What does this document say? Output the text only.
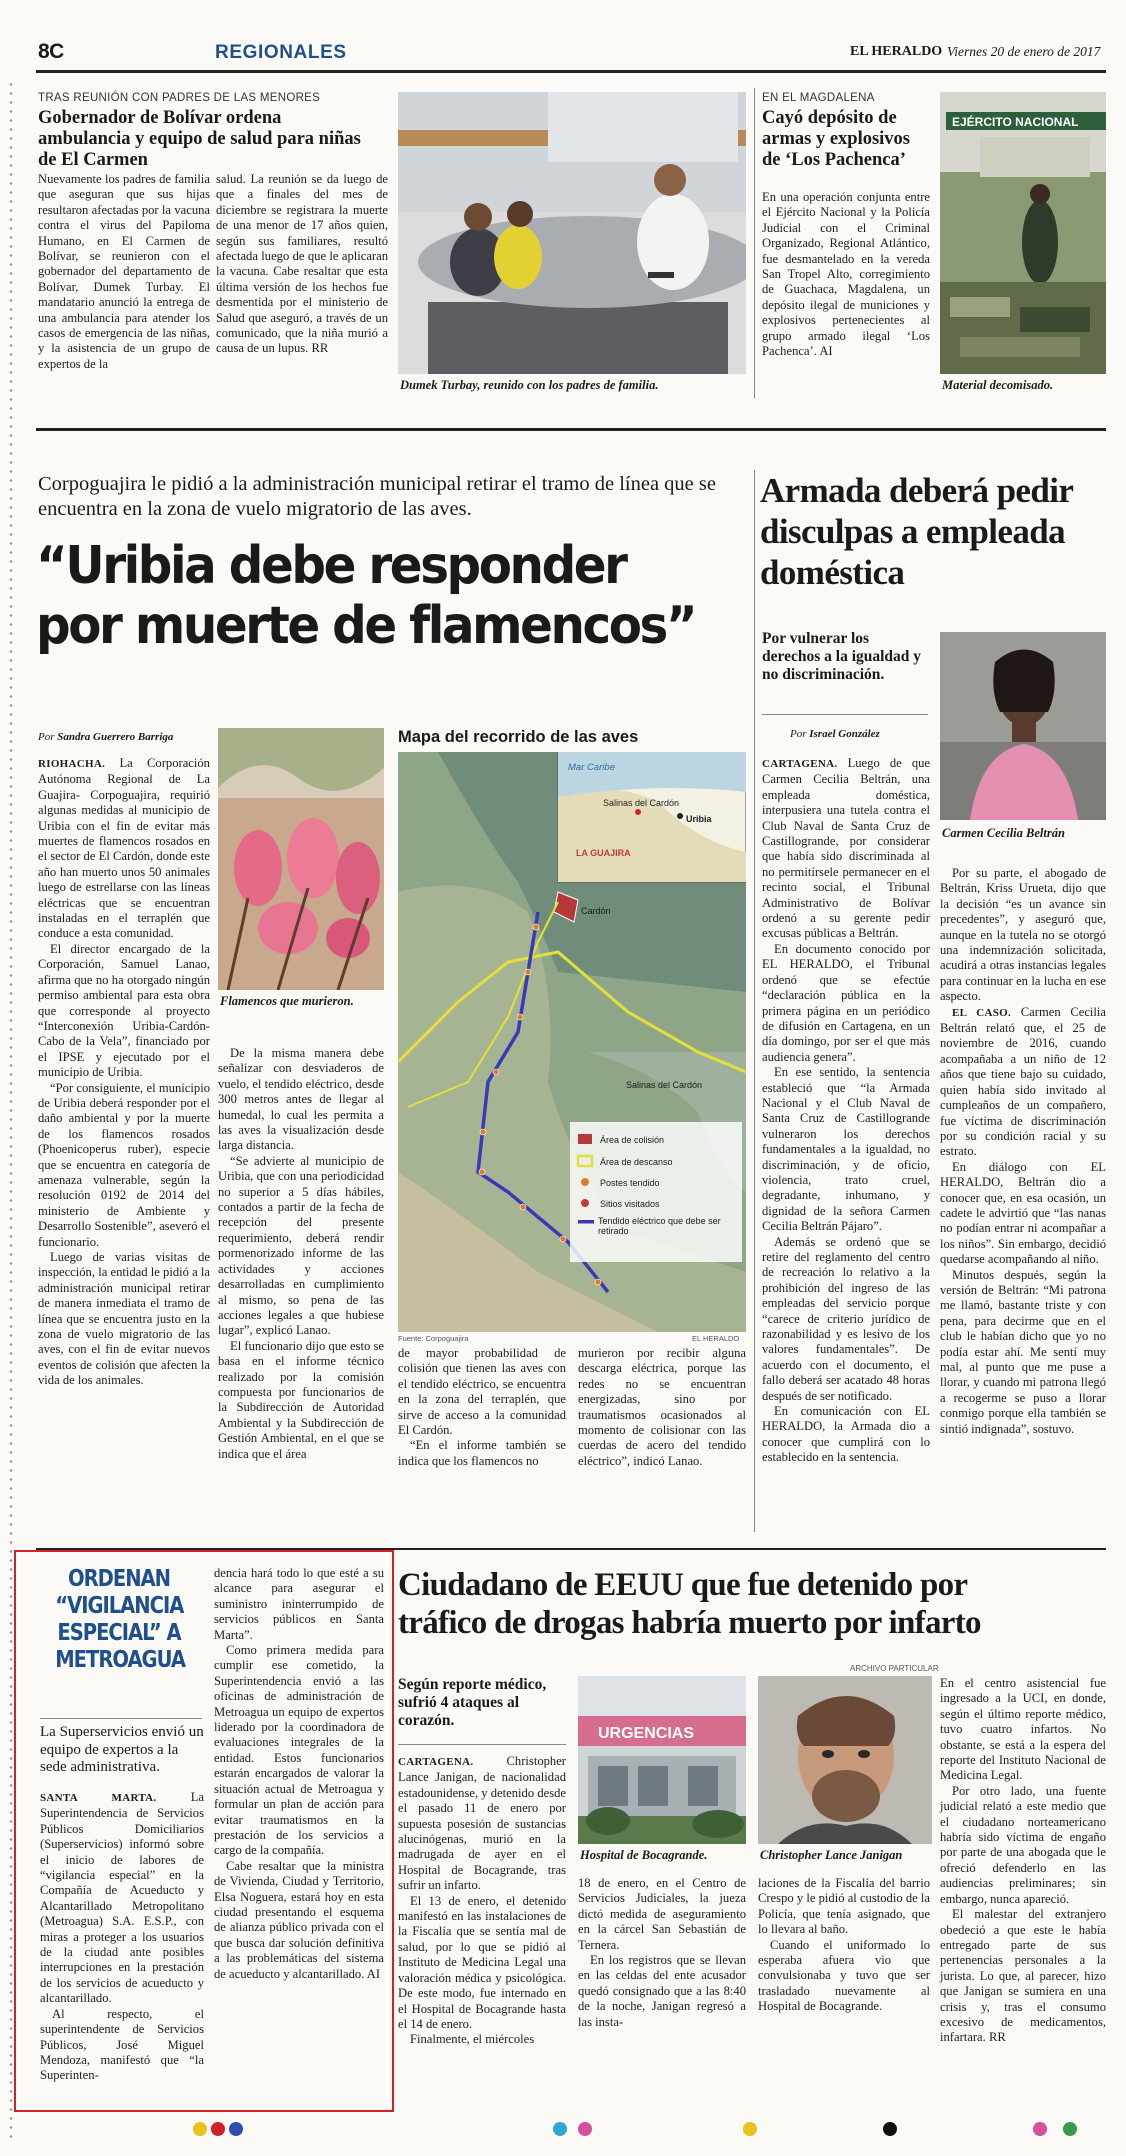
8C	REGIONALES	EL HERALDO Viernes 20 de enero de 2017
TRAS REUNIÓN CON PADRES DE LAS MENORES
Gobernador de Bolívar ordena ambulancia y equipo de salud para niñas de El Carmen

Nuevamente los padres de familia que aseguran que sus hijas resultaron afectadas por la vacuna contra el virus del Papiloma Humano, en El Carmen de Bolívar, se reunieron con el gobernador del departamento de Bolívar, Dumek Turbay. El mandatario anunció la entrega de una ambulancia para atender los casos de emergencia de las niñas, y la asistencia de un grupo de expertos de la

salud. La reunión se da luego de que a finales del mes de diciembre se registrara la muerte de una menor de 17 años quien, según sus familiares, resultó afectada luego de que le aplicaran la vacuna. Cabe resaltar que esta última versión de los hechos fue desmentida por el ministerio de Salud que aseguró, a través de un comunicado, que la niña murió a causa de un lupus. RR

Dumek Turbay, reunido con los padres de familia.
EN EL MAGDALENA
Cayó depósito de armas y explosivos de ‘Los Pachenca’

En una operación conjunta entre el Ejército Nacional y la Policía Judicial con el Criminal Organizado, Regional Atlántico, fue desmantelado en la vereda San Tropel Alto, corregimiento de Guachaca, Magdalena, un depósito ilegal de municiones y explosivos pertenecientes al grupo armado ilegal ‘Los Pachenca’. AI

EJÉRCITO NACIONAL
Material decomisado.
Corpoguajira le pidió a la administración municipal retirar el tramo de línea que se encuentra en la zona de vuelo migratorio de las aves.
“Uribia debe responder
por muerte de flamencos”
Por Sandra Guerrero Barriga

RIOHACHA. La Corporación Autónoma Regional de La Guajira- Corpoguajira, requirió algunas medidas al municipio de Uribia con el fin de evitar más muertes de flamencos rosados en el sector de El Cardón, donde este año han muerto unos 50 animales luego de estrellarse con las líneas eléctricas que se encuentran instaladas en el terraplén que conduce a esta comunidad.

El director encargado de la Corporación, Samuel Lanao, afirma que no ha otorgado ningún permiso ambiental para esta obra que corresponde al proyecto “Interconexión Uribia-Cardón-Cabo de la Vela”, financiado por el IPSE y ejecutado por el municipio de Uribia.

“Por consiguiente, el municipio de Uribia deberá responder por el daño ambiental y por la muerte de los flamencos rosados (Phoenicoperus ruber), especie que se encuentra en categoría de amenaza vulnerable, según la resolución 0192 de 2014 del ministerio de Ambiente y Desarrollo Sostenible”, aseveró el funcionario.

Luego de varias visitas de inspección, la entidad le pidió a la administración municipal retirar de manera inmediata el tramo de línea que se encuentra justo en la zona de vuelo migratorio de las aves, con el fin de evitar nuevos eventos de colisión que afecten la vida de los animales.

Flamencos que murieron.

De la misma manera debe señalizar con desviaderos de vuelo, el tendido eléctrico, desde 300 metros antes de llegar al humedal, lo cual les permita a las aves la visualización desde larga distancia.

“Se advierte al municipio de Uribia, que con una periodicidad no superior a 5 días hábiles, contados a partir de la fecha de recepción del presente requerimiento, deberá rendir pormenorizado informe de las actividades y acciones desarrolladas en cumplimiento al mismo, so pena de las acciones legales a que hubiese lugar”, explicó Lanao.

El funcionario dijo que esto se basa en el informe técnico realizado por la comisión compuesta por funcionarios de la Subdirección de Autoridad Ambiental y la Subdirección de Gestión Ambiental, en el que se indica que el área

Mapa del recorrido de las aves
Mar Caribe
Salinas del Cardón
Uribia
LA GUAJIRA
Cardón
Salinas del Cardón
Área de colisión
Área de descanso
Postes tendido
Sitios visitados
Tendido eléctrico que debe ser retirado
Fuente: Corpoguajira	EL HERALDO

de mayor probabilidad de colisión que tienen las aves con el tendido eléctrico, se encuentra en la zona del terraplén, que sirve de acceso a la comunidad El Cardón.

“En el informe también se indica que los flamencos no

murieron por recibir alguna descarga eléctrica, porque las redes no se encuentran energizadas, sino por traumatismos ocasionados al momento de colisionar con las cuerdas de acero del tendido eléctrico”, indicó Lanao.

Armada deberá pedir disculpas a empleada doméstica
Por vulnerar los derechos a la igualdad y no discriminación.
Por Israel González

CARTAGENA. Luego de que Carmen Cecilia Beltrán, una empleada doméstica, interpusiera una tutela contra el Club Naval de Santa Cruz de Castillogrande, por considerar que había sido discriminada al no permitírsele permanecer en el recinto social, el Tribunal Administrativo de Bolívar ordenó a su gerente pedir excusas públicas a Beltrán.

En documento conocido por EL HERALDO, el Tribunal ordenó que se efectúe “declaración pública en la primera página en un periódico de difusión en Cartagena, en un día domingo, por ser el que más audiencia genera”.

En ese sentido, la sentencia estableció que “la Armada Nacional y el Club Naval de Santa Cruz de Castillogrande vulneraron los derechos fundamentales a la igualdad, no discriminación, y de oficio, violencia, trato cruel, degradante, inhumano, y dignidad de la señora Carmen Cecilia Beltrán Pájaro”.

Además se ordenó que se retire del reglamento del centro de recreación lo relativo a la prohibición del ingreso de las empleadas del servicio porque “carece de criterio jurídico de razonabilidad y es lesivo de los valores fundamentales”. De acuerdo con el documento, el fallo deberá ser acatado 48 horas después de ser notificado.

En comunicación con EL HERALDO, la Armada dio a conocer que cumplirá con lo establecido en la sentencia.

Carmen Cecilia Beltrán

Por su parte, el abogado de Beltrán, Kriss Urueta, dijo que la decisión “es un avance sin precedentes”, y aseguró que, aunque en la tutela no se otorgó una indemnización solicitada, acudirá a otras instancias legales para continuar en la lucha en ese aspecto.

EL CASO. Carmen Cecilia Beltrán relató que, el 25 de noviembre de 2016, cuando acompañaba a un niño de 12 años que tiene bajo su cuidado, quien había sido invitado al cumpleaños de un compañero, fue víctima de discriminación por su condición racial y su estrato.

En diálogo con EL HERALDO, Beltrán dio a conocer que, en esa ocasión, un cadete le advirtió que “las nanas no podían entrar ni acompañar a los niños”. Sin embargo, decidió quedarse acompañando al niño.

Minutos después, según la versión de Beltrán: “Mi patrona me llamó, bastante triste y con pena, para decirme que en el club le habían dicho que yo no podía estar ahí. Me sentí muy mal, al punto que me puse a llorar, y cuando mi patrona llegó a recogerme se puso a llorar conmigo porque ella también se sintió indignada”, sostuvo.

ORDENAN “VIGILANCIA ESPECIAL” A METROAGUA
La Superservicios envió un equipo de expertos a la sede administrativa.

SANTA MARTA.	La Superintendencia de Servicios Públicos Domiciliarios (Superservicios) informó sobre el inicio de labores de “vigilancia especial” en la Compañía de Acueducto y Alcantarillado Metropolitano (Metroagua) S.A. E.S.P., con miras a proteger a los usuarios de la ciudad ante posibles interrupciones en la prestación de los servicios de acueducto y alcantarillado.

Al respecto, el superintendente de Servicios Públicos, José Miguel Mendoza, manifestó que “la Superinten-

dencia hará todo lo que esté a su alcance para asegurar el suministro ininterrumpido de servicios públicos en Santa Marta”.

Como primera medida para cumplir ese cometido, la Superintendencia envió a las oficinas de administración de Metroagua un equipo de expertos liderado por la coordinadora de evaluaciones integrales de la entidad. Estos funcionarios estarán encargados de valorar la situación actual de Metroagua y formular un plan de acción para evitar traumatismos en la prestación de los servicios a cargo de la compañía.

Cabe resaltar que la ministra de Vivienda, Ciudad y Territorio, Elsa Noguera, estará hoy en esta ciudad presentando el esquema de alianza público privada con el que busca dar solución definitiva a las problemáticas del sistema de acueducto y alcantarillado. AI

Ciudadano de EEUU que fue detenido por
tráfico de drogas habría muerto por infarto
Según reporte médico, sufrió 4 ataques al corazón.
ARCHIVO PARTICULAR
URGENCIAS
Hospital de Bocagrande.	Christopher Lance Janigan

CARTAGENA.	Christopher Lance Janigan, de nacionalidad estadounidense, y detenido desde el pasado 11 de enero por supuesta posesión de sustancias alucinógenas, murió en la madrugada de ayer en el Hospital de Bocagrande, tras sufrir un infarto.

El 13 de enero, el detenido manifestó en las instalaciones de la Fiscalía que se sentía mal de salud, por lo que se pidió al Instituto de Medicina Legal una valoración médica y psicológica. De este modo, fue internado en el Hospital de Bocagrande hasta el 14 de enero.

Finalmente, el miércoles

18 de enero, en el Centro de Servicios Judiciales, la jueza dictó medida de aseguramiento en la cárcel San Sebastián de Ternera.

En los registros que se llevan en las celdas del ente acusador quedó consignado que a las 8:40 de la noche, Janigan regresó a las insta-

laciones de la Fiscalía del barrio Crespo y le pidió al custodio de la Policía, que tenía asignado, que lo llevara al baño.

Cuando el uniformado lo esperaba afuera vio que convulsionaba y tuvo que ser trasladado nuevamente al Hospital de Bocagrande.

En el centro asistencial fue ingresado a la UCI, en donde, según el último reporte médico, tuvo cuatro infartos. No obstante, se está a la espera del reporte del Instituto Nacional de Medicina Legal.

Por otro lado, una fuente judicial relató a este medio que el ciudadano norteamericano habría sido víctima de engaño por parte de una abogada que le ofreció defenderlo en las audiencias preliminares; sin embargo, nunca apareció.

El malestar del extranjero obedeció a que este le había entregado parte de sus pertenencias personales a la jurista. Lo que, al parecer, hizo que Janigan se sumiera en una crisis y, tras el consumo excesivo de medicamentos, infartara. RR
